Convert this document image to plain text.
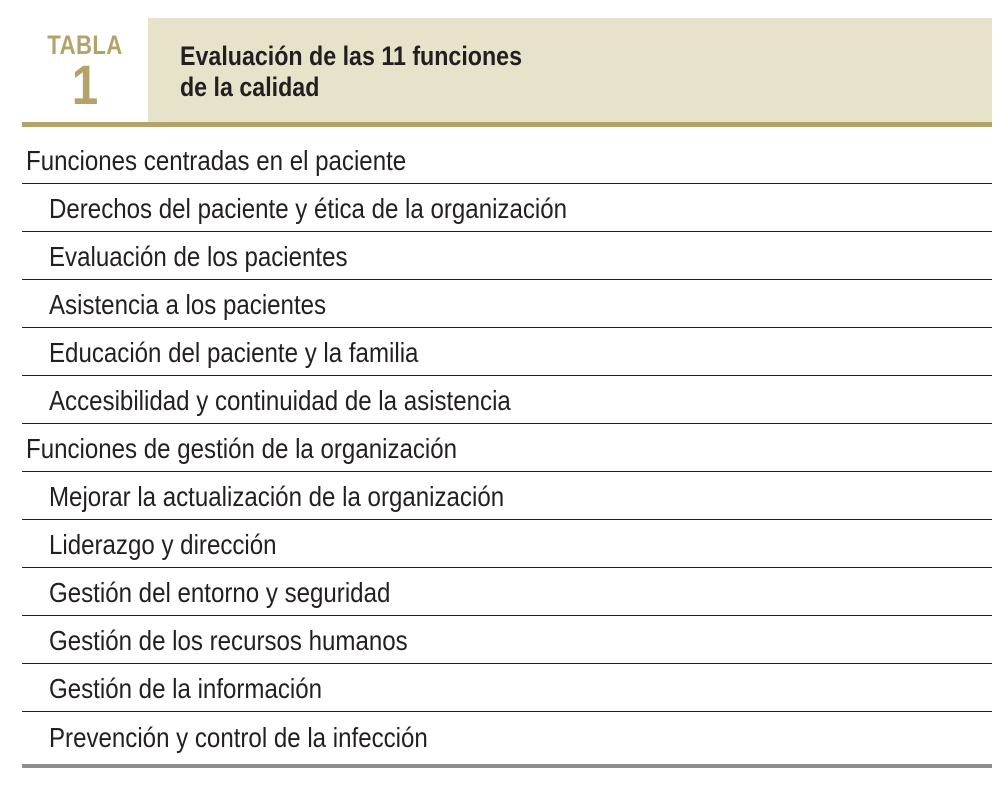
TABLA
1	Evaluación de las 11 funciones
de la calidad
Funciones centradas en el paciente
Derechos del paciente y ética de la organización
Evaluación de los pacientes
Asistencia a los pacientes
Educación del paciente y la familia
Accesibilidad y continuidad de la asistencia
Funciones de gestión de la organización
Mejorar la actualización de la organización
Liderazgo y dirección
Gestión del entorno y seguridad
Gestión de los recursos humanos
Gestión de la información
Prevención y control de la infección
